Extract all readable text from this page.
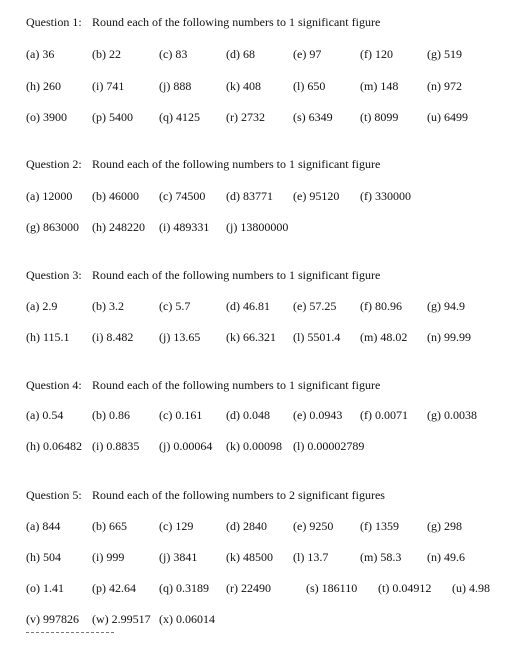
Question 1: Round each of the following numbers to 1 significant figure
(a) 36	(b) 22	(c) 83	(d) 68	(e) 97	(f) 120	(g) 519
(h) 260	(i) 741	(j) 888	(k) 408	(l) 650	(m) 148 (n) 972
(o) 3900 (p) 5400 (q) 4125 (r) 2732 (s) 6349 (t) 8099 (u) 6499
Question 2: Round each of the following numbers to 1 significant figure
(a) 12000 (b) 46000 (c) 74500 (d) 83771 (e) 95120 (f) 330000
(g) 863000 (h) 248220 (i) 489331 (j) 13800000
Question 3: Round each of the following numbers to 1 significant figure
(a) 2.9	(b) 3.2	(c) 5.7	(d) 46.81 (e) 57.25 (f) 80.96 (g) 94.9
(h) 115.1 (i) 8.482 (j) 13.65 (k) 66.321 (l) 5501.4 (m) 48.02 (n) 99.99
Question 4: Round each of the following numbers to 1 significant figure
(a) 0.54 (b) 0.86 (c) 0.161 (d) 0.048 (e) 0.0943 (f) 0.0071 (g) 0.0038
(h) 0.06482 (i) 0.8835 (j) 0.00064 (k) 0.00098 (l) 0.00002789
Question 5: Round each of the following numbers to 2 significant figures
(a) 844	(b) 665	(c) 129	(d) 2840 (e) 9250 (f) 1359 (g) 298
(h) 504	(i) 999	(j) 3841 (k) 48500 (l) 13.7	(m) 58.3 (n) 49.6
(o) 1.41 (p) 42.64 (q) 0.3189 (r) 22490	(s) 186110 (t) 0.04912 (u) 4.98
(v) 997826 (w) 2.99517 (x) 0.06014
